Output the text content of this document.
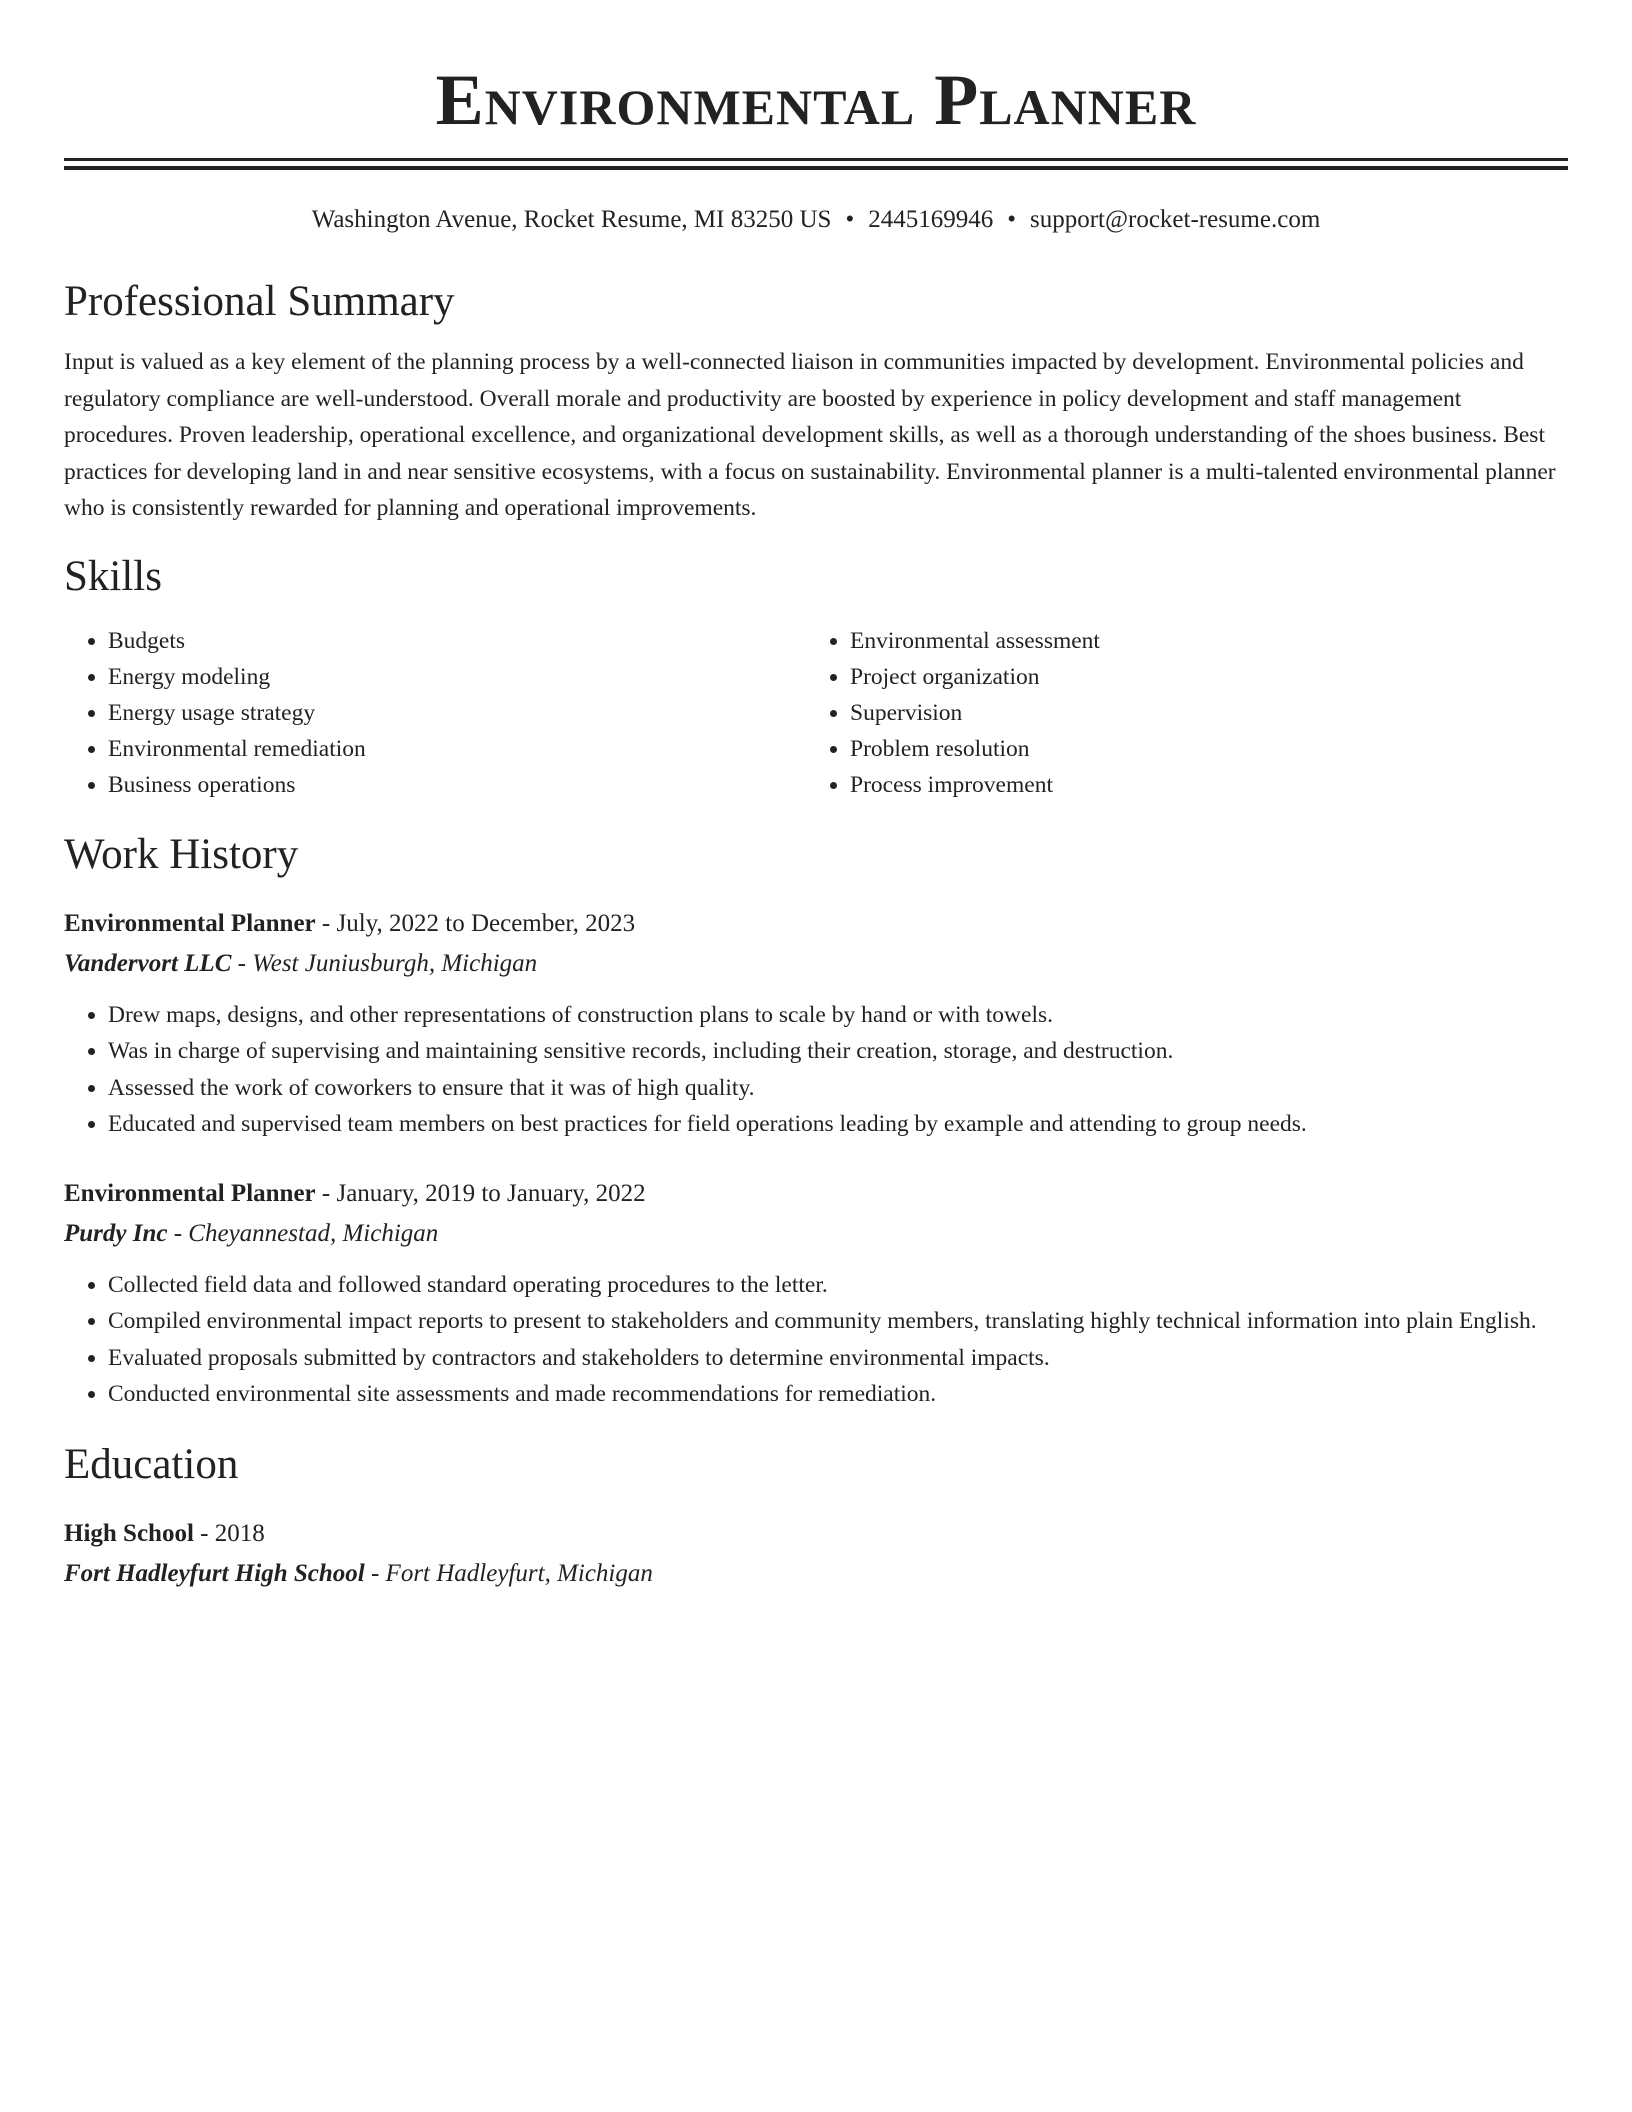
Environmental Planner
Washington Avenue, Rocket Resume, MI 83250 US • 2445169946 • support@rocket-resume.com
Professional Summary
Input is valued as a key element of the planning process by a well-connected liaison in communities impacted by development. Environmental policies and regulatory compliance are well-understood. Overall morale and productivity are boosted by experience in policy development and staff management procedures. Proven leadership, operational excellence, and organizational development skills, as well as a thorough understanding of the shoes business. Best practices for developing land in and near sensitive ecosystems, with a focus on sustainability. Environmental planner is a multi-talented environmental planner who is consistently rewarded for planning and operational improvements.
Skills
• Budgets
• Energy modeling
• Energy usage strategy
• Environmental remediation
• Business operations
• Environmental assessment
• Project organization
• Supervision
• Problem resolution
• Process improvement
Work History
Environmental Planner - July, 2022 to December, 2023
Vandervort LLC - West Juniusburgh, Michigan
• Drew maps, designs, and other representations of construction plans to scale by hand or with towels.
• Was in charge of supervising and maintaining sensitive records, including their creation, storage, and destruction.
• Assessed the work of coworkers to ensure that it was of high quality.
• Educated and supervised team members on best practices for field operations leading by example and attending to group needs.
Environmental Planner - January, 2019 to January, 2022
Purdy Inc - Cheyannestad, Michigan
• Collected field data and followed standard operating procedures to the letter.
• Compiled environmental impact reports to present to stakeholders and community members, translating highly technical information into plain English.
• Evaluated proposals submitted by contractors and stakeholders to determine environmental impacts.
• Conducted environmental site assessments and made recommendations for remediation.
Education
High School - 2018
Fort Hadleyfurt High School - Fort Hadleyfurt, Michigan
